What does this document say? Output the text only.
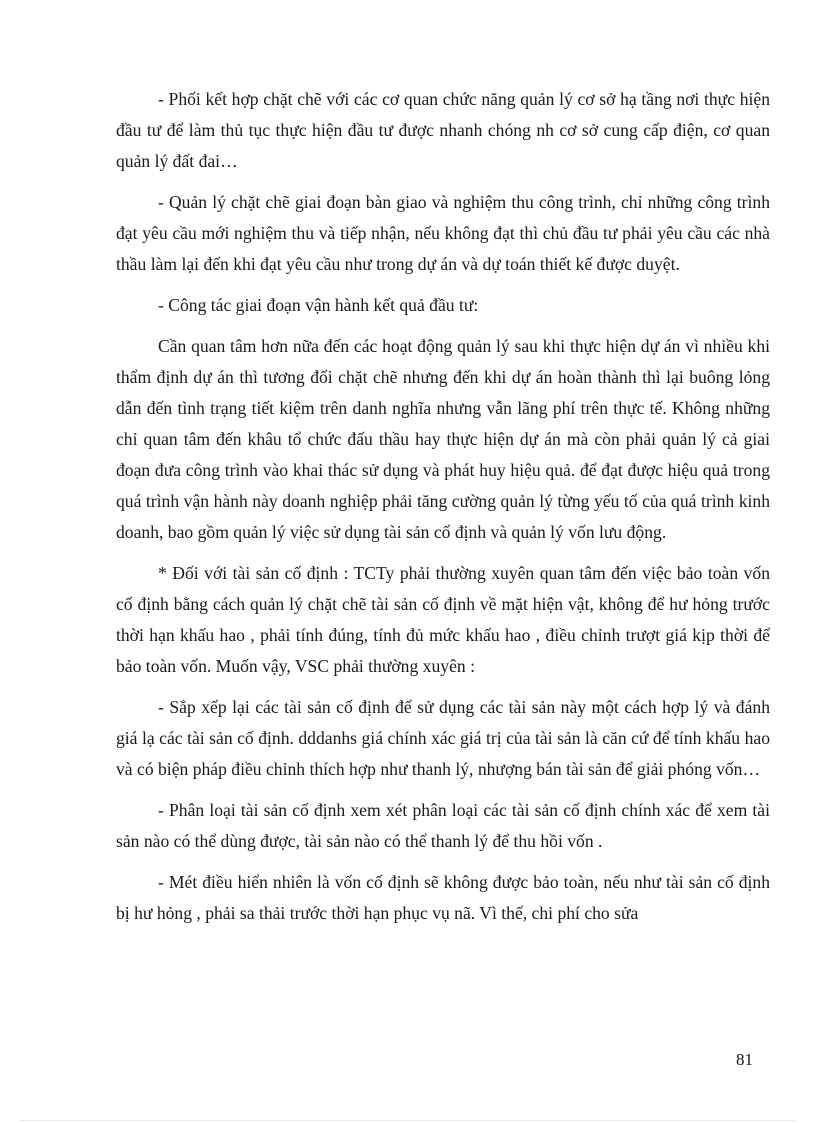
- Phối kết hợp chặt chẽ với các cơ quan chức năng quản lý cơ sở hạ tầng nơi thực hiện đầu tư để làm thủ tục thực hiện đầu tư được nhanh chóng nh cơ sở cung cấp điện, cơ quan quản lý đất đai…

- Quản lý chặt chẽ giai đoạn bàn giao và nghiệm thu công trình, chỉ những công trình đạt yêu cầu mới nghiệm thu và tiếp nhận, nếu không đạt thì chủ đầu tư phải yêu cầu các nhà thầu làm lại đến khi đạt yêu cầu như trong dự án và dự toán thiết kế được duyệt.

- Công tác giai đoạn vận hành kết quả đầu tư:

Cần quan tâm hơn nữa đến các hoạt động quản lý sau khi thực hiện dự án vì nhiều khi thẩm định dự án thì tương đối chặt chẽ nhưng đến khi dự án hoàn thành thì lại buông lỏng dẫn đến tình trạng tiết kiệm trên danh nghĩa nhưng vẫn lãng phí trên thực tế. Không những chỉ quan tâm đến khâu tổ chức đấu thầu hay thực hiện dự án mà còn phải quản lý cả giai đoạn đưa công trình vào khai thác sử dụng và phát huy hiệu quả. để đạt được hiệu quả trong quá trình vận hành này doanh nghiệp phải tăng cường quản lý từng yếu tố của quá trình kinh doanh, bao gồm quản lý việc sử dụng tài sản cố định và quản lý vốn lưu động.

* Đối với tài sản cố định : TCTy phải thường xuyên quan tâm đến việc bảo toàn vốn cố định bằng cách quản lý chặt chẽ tài sản cố định về mặt hiện vật, không để hư hỏng trước thời hạn khấu hao , phải tính đúng, tính đủ mức khấu hao , điều chỉnh trượt giá kịp thời để bảo toàn vốn. Muốn vậy, VSC phải thường xuyên :

- Sắp xếp lại các tài sản cố định để sử dụng các tài sản này một cách hợp lý và đánh giá lạ các tài sản cố định. dddanhs giá chính xác giá trị của tài sản là căn cứ để tính khấu hao và có biện pháp điều chỉnh thích hợp như thanh lý, nhượng bán tài sản để giải phóng vốn…

- Phân loại tài sản cố định xem xét phân loại các tài sản cố định chính xác để xem tài sản nào có thể dùng được, tài sản nào có thể thanh lý để thu hồi vốn .

- Mét điều hiển nhiên là vốn cố định sẽ không được bảo toàn, nếu như tài sản cố định bị hư hỏng , phải sa thải trước thời hạn phục vụ nã. Vì thế, chi phí cho sửa

81
